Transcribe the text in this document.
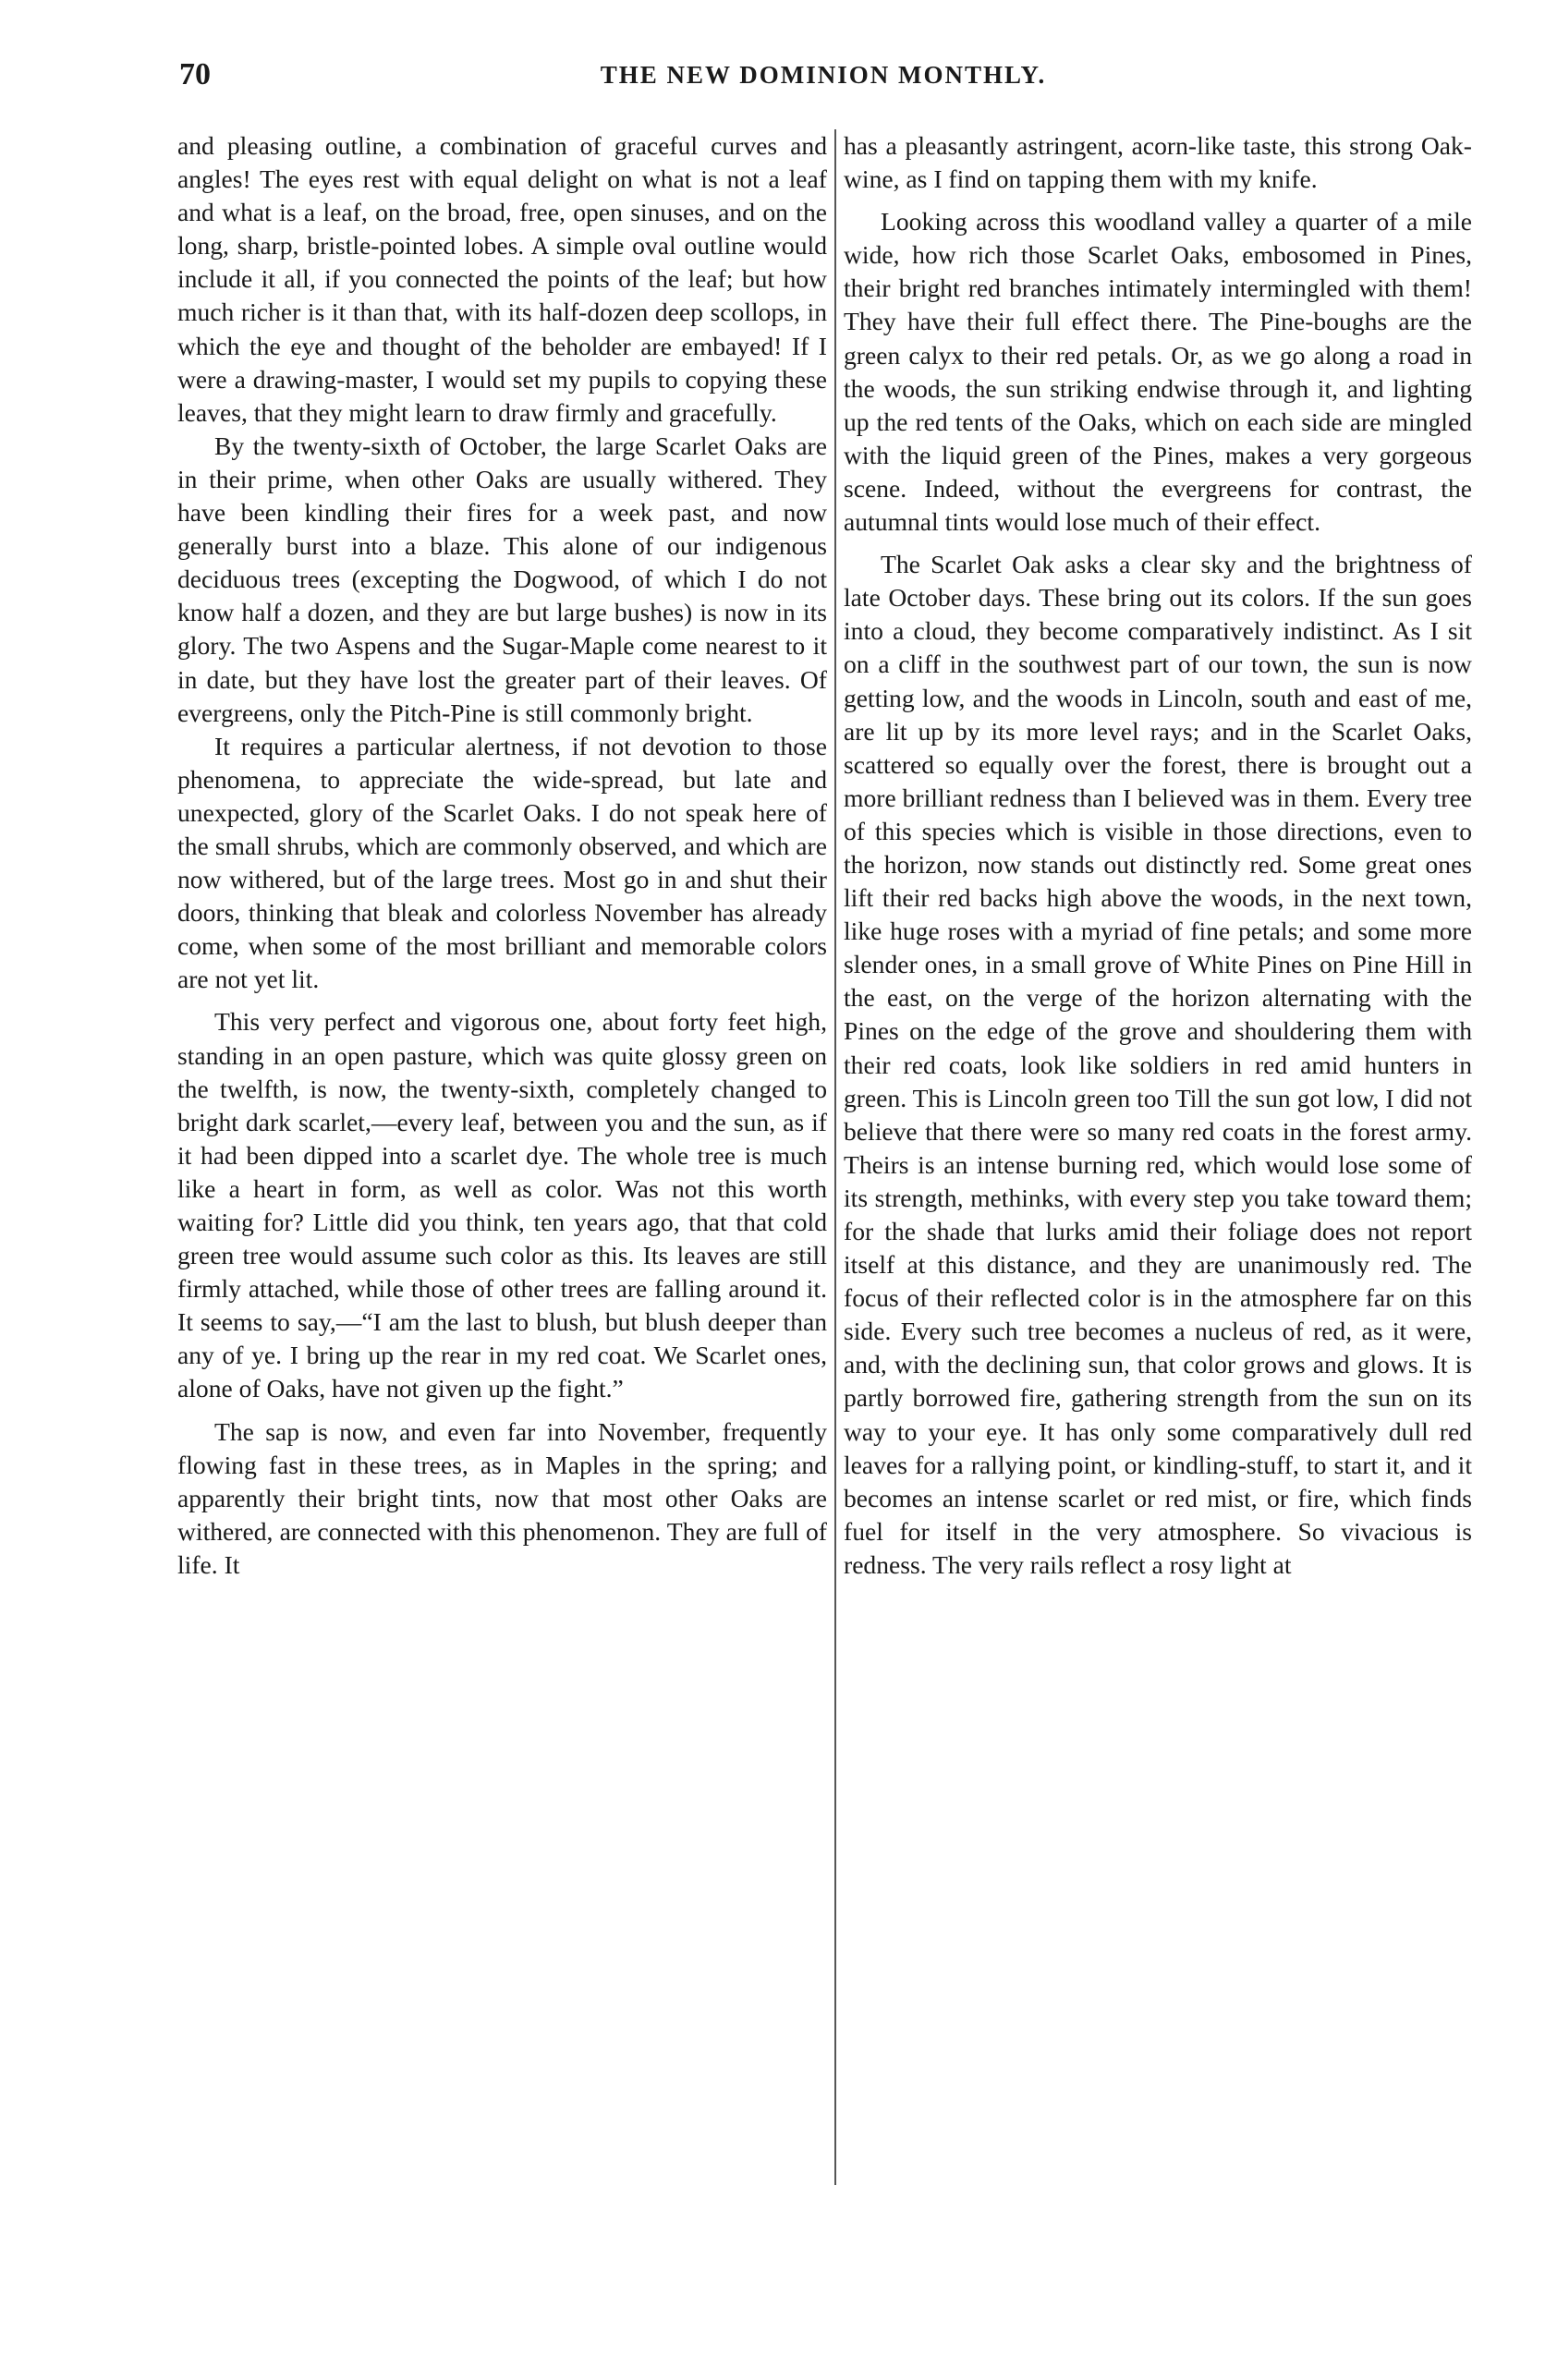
70	THE NEW DOMINION MONTHLY.

and pleasing outline, a combination of graceful curves and angles! The eyes rest with equal delight on what is not a leaf and what is a leaf, on the broad, free, open sinuses, and on the long, sharp, bristle-pointed lobes. A simple oval outline would include it all, if you connected the points of the leaf; but how much richer is it than that, with its half-dozen deep scollops, in which the eye and thought of the beholder are embayed! If I were a drawing-master, I would set my pupils to copying these leaves, that they might learn to draw firmly and gracefully.

By the twenty-sixth of October, the large Scarlet Oaks are in their prime, when other Oaks are usually withered. They have been kindling their fires for a week past, and now generally burst into a blaze. This alone of our indigenous deciduous trees (excepting the Dogwood, of which I do not know half a dozen, and they are but large bushes) is now in its glory. The two Aspens and the Sugar-Maple come nearest to it in date, but they have lost the greater part of their leaves. Of evergreens, only the Pitch-Pine is still commonly bright.

It requires a particular alertness, if not devotion to those phenomena, to appreciate the wide-spread, but late and unexpected, glory of the Scarlet Oaks. I do not speak here of the small shrubs, which are commonly observed, and which are now withered, but of the large trees. Most go in and shut their doors, thinking that bleak and colorless November has already come, when some of the most brilliant and memorable colors are not yet lit.

This very perfect and vigorous one, about forty feet high, standing in an open pasture, which was quite glossy green on the twelfth, is now, the twenty-sixth, completely changed to bright dark scarlet,—every leaf, between you and the sun, as if it had been dipped into a scarlet dye. The whole tree is much like a heart in form, as well as color. Was not this worth waiting for? Little did you think, ten years ago, that that cold green tree would assume such color as this. Its leaves are still firmly attached, while those of other trees are falling around it. It seems to say,—“I am the last to blush, but blush deeper than any of ye. I bring up the rear in my red coat. We Scarlet ones, alone of Oaks, have not given up the fight.”

The sap is now, and even far into November, frequently flowing fast in these trees, as in Maples in the spring; and apparently their bright tints, now that most other Oaks are withered, are connected with this phenomenon. They are full of life. It

has a pleasantly astringent, acorn-like taste, this strong Oak-wine, as I find on tapping them with my knife.

Looking across this woodland valley a quarter of a mile wide, how rich those Scarlet Oaks, embosomed in Pines, their bright red branches intimately intermingled with them! They have their full effect there. The Pine-boughs are the green calyx to their red petals. Or, as we go along a road in the woods, the sun striking endwise through it, and lighting up the red tents of the Oaks, which on each side are mingled with the liquid green of the Pines, makes a very gorgeous scene. Indeed, without the evergreens for contrast, the autumnal tints would lose much of their effect.

The Scarlet Oak asks a clear sky and the brightness of late October days. These bring out its colors. If the sun goes into a cloud, they become comparatively indistinct. As I sit on a cliff in the southwest part of our town, the sun is now getting low, and the woods in Lincoln, south and east of me, are lit up by its more level rays; and in the Scarlet Oaks, scattered so equally over the forest, there is brought out a more brilliant redness than I believed was in them. Every tree of this species which is visible in those directions, even to the horizon, now stands out distinctly red. Some great ones lift their red backs high above the woods, in the next town, like huge roses with a myriad of fine petals; and some more slender ones, in a small grove of White Pines on Pine Hill in the east, on the verge of the horizon alternating with the Pines on the edge of the grove and shouldering them with their red coats, look like soldiers in red amid hunters in green. This is Lincoln green too Till the sun got low, I did not believe that there were so many red coats in the forest army. Theirs is an intense burning red, which would lose some of its strength, methinks, with every step you take toward them; for the shade that lurks amid their foliage does not report itself at this distance, and they are unanimously red. The focus of their reflected color is in the atmosphere far on this side. Every such tree becomes a nucleus of red, as it were, and, with the declining sun, that color grows and glows. It is partly borrowed fire, gathering strength from the sun on its way to your eye. It has only some comparatively dull red leaves for a rallying point, or kindling-stuff, to start it, and it becomes an intense scarlet or red mist, or fire, which finds fuel for itself in the very atmosphere. So vivacious is redness. The very rails reflect a rosy light at
